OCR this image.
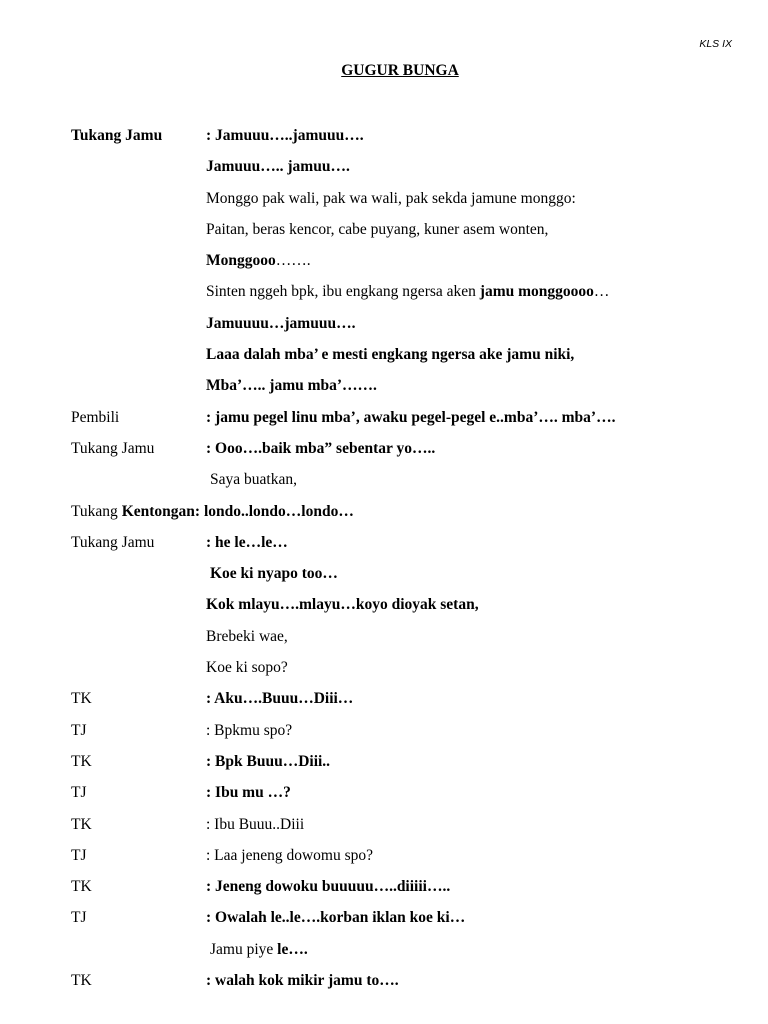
KLS IX
GUGUR BUNGA
Tukang Jamu	: Jamuuu…..jamuuu….
Jamuuu….. jamuu….
Monggo pak wali, pak wa wali, pak sekda jamune monggo:
Paitan, beras kencor, cabe puyang, kuner asem wonten,
Monggooo…….
Sinten nggeh bpk, ibu engkang ngersa aken jamu monggoooo…
Jamuuuu…jamuuu….
Laaa dalah mba’ e mesti engkang ngersa ake jamu niki,
Mba’….. jamu mba’…….
Pembili	: jamu pegel linu mba’, awaku pegel-pegel e..mba’…. mba’….
Tukang Jamu	: Ooo….baik mba” sebentar yo…..
Saya buatkan,
Tukang Kentongan: londo..londo…londo…
Tukang Jamu	: he le…le…
Koe ki nyapo too…
Kok mlayu….mlayu…koyo dioyak setan,
Brebeki wae,
Koe ki sopo?
TK	: Aku….Buuu…Diii…
TJ	: Bpkmu spo?
TK	: Bpk Buuu…Diii..
TJ	: Ibu mu …?
TK	: Ibu Buuu..Diii
TJ	: Laa jeneng dowomu spo?
TK	: Jeneng dowoku buuuuu…..diiiii…..
TJ	: Owalah le..le….korban iklan koe ki…
Jamu piye le….
TK	: walah kok mikir jamu to….
